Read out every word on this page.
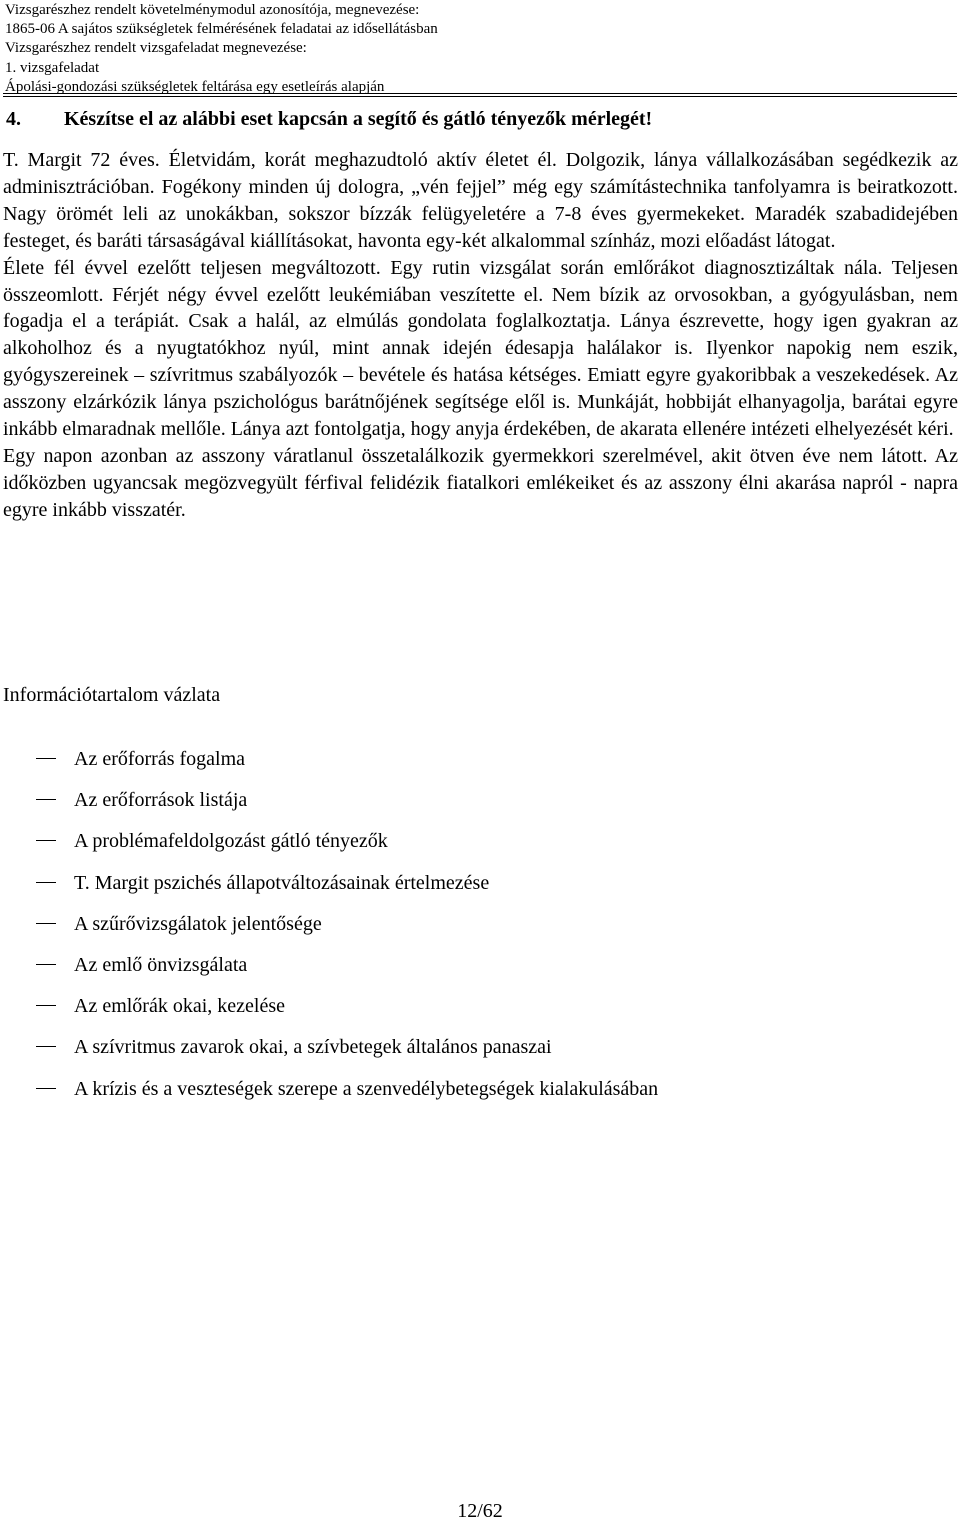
Vizsgarészhez rendelt követelménymodul azonosítója, megnevezése:
1865-06 A sajátos szükségletek felmérésének feladatai az idősellátásban
Vizsgarészhez rendelt vizsgafeladat megnevezése:
1. vizsgafeladat
Ápolási-gondozási szükségletek feltárása egy esetleírás alapján
4. Készítse el az alábbi eset kapcsán a segítő és gátló tényezők mérlegét!

T. Margit 72 éves. Életvidám, korát meghazudtoló aktív életet él. Dolgozik, lánya vállalkozásában segédkezik az adminisztrációban. Fogékony minden új dologra, „vén fejjel” még egy számítástechnika tanfolyamra is beiratkozott. Nagy örömét leli az unokákban, sokszor bízzák felügyeletére a 7-8 éves gyermekeket. Maradék szabadidejében festeget, és baráti társaságával kiállításokat, havonta egy-két alkalommal színház, mozi előadást látogat.

Élete fél évvel ezelőtt teljesen megváltozott. Egy rutin vizsgálat során emlőrákot diagnosztizáltak nála. Teljesen összeomlott. Férjét négy évvel ezelőtt leukémiában veszítette el. Nem bízik az orvosokban, a gyógyulásban, nem fogadja el a terápiát. Csak a halál, az elmúlás gondolata foglalkoztatja. Lánya észrevette, hogy igen gyakran az alkoholhoz és a nyugtatókhoz nyúl, mint annak idején édesapja halálakor is. Ilyenkor napokig nem eszik, gyógyszereinek – szívritmus szabályozók – bevétele és hatása kétséges. Emiatt egyre gyakoribbak a veszekedések. Az asszony elzárkózik lánya pszichológus barátnőjének segítsége elől is. Munkáját, hobbiját elhanyagolja, barátai egyre inkább elmaradnak mellőle. Lánya azt fontolgatja, hogy anyja érdekében, de akarata ellenére intézeti elhelyezését kéri.

Egy napon azonban az asszony váratlanul összetalálkozik gyermekkori szerelmével, akit ötven éve nem látott. Az időközben ugyancsak megözvegyült férfival felidézik fiatalkori emlékeiket és az asszony élni akarása napról - napra egyre inkább visszatér.

Információtartalom vázlata
Az erőforrás fogalma
Az erőforrások listája
A problémafeldolgozást gátló tényezők
T. Margit pszichés állapotváltozásainak értelmezése
A szűrővizsgálatok jelentősége
Az emlő önvizsgálata
Az emlőrák okai, kezelése
A szívritmus zavarok okai, a szívbetegek általános panaszai
A krízis és a veszteségek szerepe a szenvedélybetegségek kialakulásában
12/62
